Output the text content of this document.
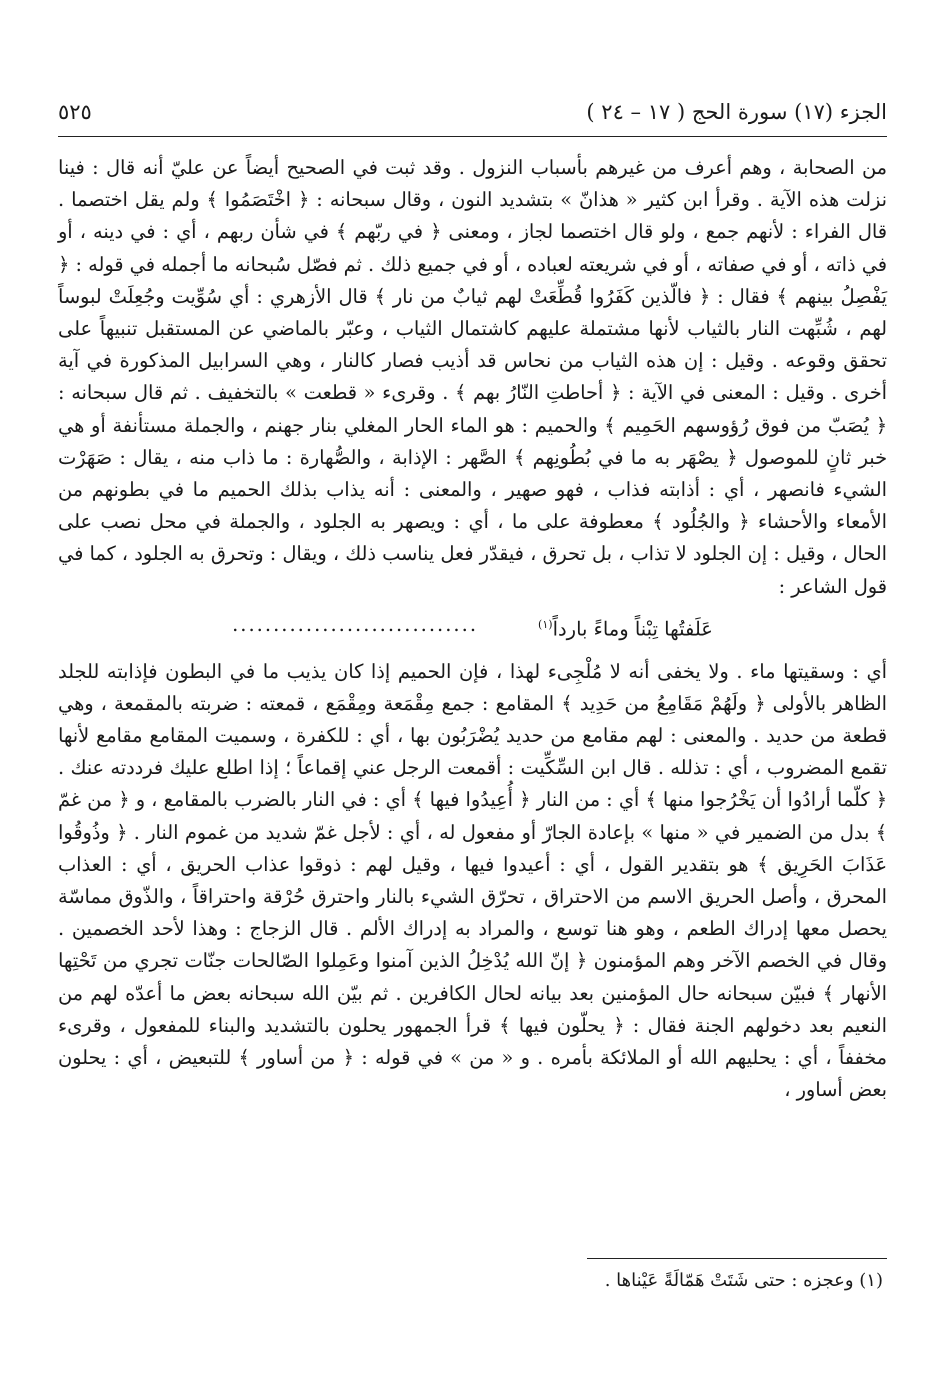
الجزء (١٧) سورة الحج ( ١٧ – ٢٤ )
٥٢٥

من الصحابة ، وهم أعرف من غيرهم بأسباب النزول . وقد ثبت في الصحيح أيضاً عن عليّ أنه قال : فينا نزلت هذه الآية . وقرأ ابن كثير « هذانّ » بتشديد النون ، وقال سبحانه : ﴿ اخْتَصَمُوا ﴾ ولم يقل اختصما . قال الفراء : لأنهم جمع ، ولو قال اختصما لجاز ، ومعنى ﴿ في ربّهم ﴾ في شأن ربهم ، أي : في دينه ، أو في ذاته ، أو في صفاته ، أو في شريعته لعباده ، أو في جميع ذلك . ثم فصّل سُبحانه ما أجمله في قوله : ﴿ يَفْصِلُ بينهم ﴾ فقال : ﴿ فالّذين كَفَرُوا قُطِّعَتْ لهم ثيابٌ من نار ﴾ قال الأزهري : أي سُوِّيت وجُعِلَتْ لبوساً لهم ، شُبِّهت النار بالثياب لأنها مشتملة عليهم كاشتمال الثياب ، وعبّر بالماضي عن المستقبل تنبيهاً على تحقق وقوعه . وقيل : إن هذه الثياب من نحاس قد أذيب فصار كالنار ، وهي السرابيل المذكورة في آية أخرى . وقيل : المعنى في الآية : ﴿ أحاطتِ النّارُ بهم ﴾ . وقرىء « قطعت » بالتخفيف . ثم قال سبحانه : ﴿ يُصَبّ من فوق رُؤوسهم الحَمِيم ﴾ والحميم : هو الماء الحار المغلي بنار جهنم ، والجملة مستأنفة أو هي خبر ثانٍ للموصول ﴿ يصْهَر به ما في بُطُونِهم ﴾ الصَّهر : الإذابة ، والصُّهارة : ما ذاب منه ، يقال : صَهَرْت الشيء فانصهر ، أي : أذابته فذاب ، فهو صهير ، والمعنى : أنه يذاب بذلك الحميم ما في بطونهم من الأمعاء والأحشاء ﴿ والجُلُود ﴾ معطوفة على ما ، أي : ويصهر به الجلود ، والجملة في محل نصب على الحال ، وقيل : إن الجلود لا تذاب ، بل تحرق ، فيقدّر فعل يناسب ذلك ، ويقال : وتحرق به الجلود ، كما في قول الشاعر :

عَلَفتُها تِبْناً وماءً بارداً$^{(١)}$
..............................

أي : وسقيتها ماء . ولا يخفى أنه لا مُلْجِىء لهذا ، فإن الحميم إذا كان يذيب ما في البطون فإذابته للجلد الظاهر بالأولى ﴿ ولَهُمْ مَقَامِعُ من حَدِيد ﴾ المقامع : جمع مِقْمَعة ومِقْمَع ، قمعته : ضربته بالمقمعة ، وهي قطعة من حديد . والمعنى : لهم مقامع من حديد يُضْرَبُون بها ، أي : للكفرة ، وسميت المقامع مقامع لأنها تقمع المضروب ، أي : تذلله . قال ابن السِّكِّيت : أقمعت الرجل عني إقماعاً ؛ إذا اطلع عليك فرددته عنك . ﴿ كلّما أرادُوا أن يَخْرُجوا منها ﴾ أي : من النار ﴿ أُعِيدُوا فيها ﴾ أي : في النار بالضرب بالمقامع ، و ﴿ من غمّ ﴾ بدل من الضمير في « منها » بإعادة الجارّ أو مفعول له ، أي : لأجل غمّ شديد من غموم النار . ﴿ وذُوقُوا عَذَابَ الحَرِيق ﴾ هو بتقدير القول ، أي : أعيدوا فيها ، وقيل لهم : ذوقوا عذاب الحريق ، أي : العذاب المحرق ، وأصل الحريق الاسم من الاحتراق ، تحرّق الشيء بالنار واحترق حُرْقة واحتراقاً ، والذّوق مماسّة يحصل معها إدراك الطعم ، وهو هنا توسع ، والمراد به إدراك الألم . قال الزجاج : وهذا لأحد الخصمين . وقال في الخصم الآخر وهم المؤمنون ﴿ إنّ الله يُدْخِلُ الذين آمنوا وعَمِلوا الصّالحات جنّات تجري من تَحْتِها الأنهار ﴾ فبيّن سبحانه حال المؤمنين بعد بيانه لحال الكافرين . ثم بيّن الله سبحانه بعض ما أعدّه لهم من النعيم بعد دخولهم الجنة فقال : ﴿ يحلّون فيها ﴾ قرأ الجمهور يحلون بالتشديد والبناء للمفعول ، وقرىء مخففاً ، أي : يحليهم الله أو الملائكة بأمره . و « من » في قوله : ﴿ من أساور ﴾ للتبعيض ، أي : يحلون بعض أساور ،

(١) وعجزه : حتى شَتَتْ هَمّالَةً عَيْناها .
